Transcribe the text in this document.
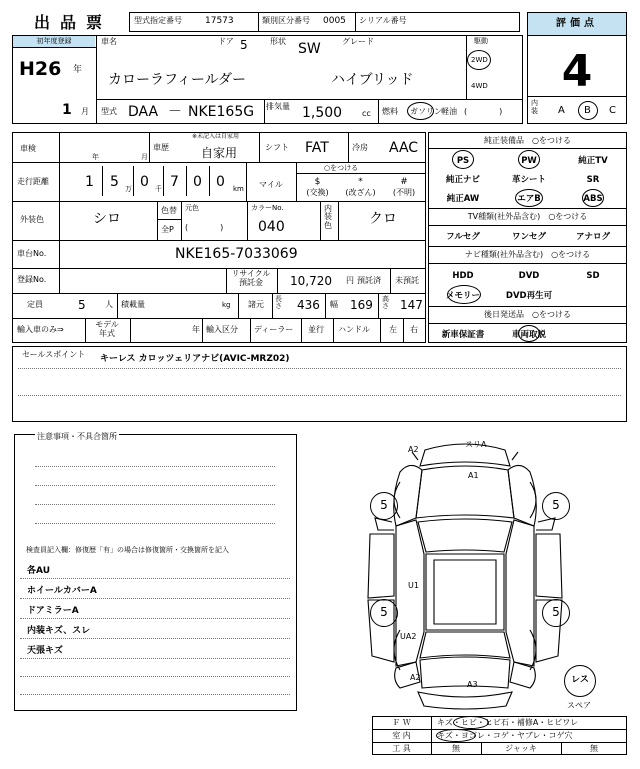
出品票	型式指定番号	17573	類別区分番号 0005 シリアル番号	評価点
4
内装 A B C
初年度登録
H26 年
1 月
車名
カローラフィールダー
ドア 5	形状 SW	グレード
ハイブリッド
駆動
2WD
4WD
型式 DAA － NKE165G 排気量 1,500 cc 燃料 ガソリン 軽油 (　　　　)
車検
年	月
車歴
※未記入は自家用
自家用	シフト FAT	冷房 AAC
走行距離	1 5 万 0 千 7 0 0 km マイル
○をつける
$
(交換)
*
(改ざん)
#
(不明)
外装色	シロ
色替
全P
元色
(　　　　)
カラーNo.
040
内装色	クロ
車台No.	NKE165-7033069
登録No.
リサイクル預託金	10,720 円 預託済 未預託
定員	5 人 積載量	kg 諸元
長さ 436 幅 169 高さ 147
輸入車のみ⇒
モデル年式	年 輸入区分 ディーラー 並行 ハンドル 左 右
純正装備品　 ○をつける
PS	PW	純正TV
純正ナビ	革シート	SR
純正AW	エアB	ABS
TV種類(社外品含む)　 ○をつける
フルセグ	ワンセグ	アナログ
ナビ種類(社外品含む)　 ○をつける
HDD	DVD	SD
メモリー	DVD再生可
後日発送品　 ○をつける
新車保証書	車両取説
セールスポイント キーレス カロッツェリアナビ(AVIC-MRZ02)
注意事項・不具合箇所
検査員記入欄：修復歴「有」の場合は修復箇所・交換箇所を記入
各AU
ホイールカバーA
ドアミラーA
内装キズ、スレ
天張キズ
A2
スリA
A1
U1
UA2
A2
A3
5	5
5	5
レス
スペア
Ｆ Ｗ	キズ・ヒビ・ヒビ石・補修A・ヒビワレ
室 内	キズ・ヨゴレ・コゲ・ヤブレ・コゲ穴
工 具	無	ジャッキ	無
